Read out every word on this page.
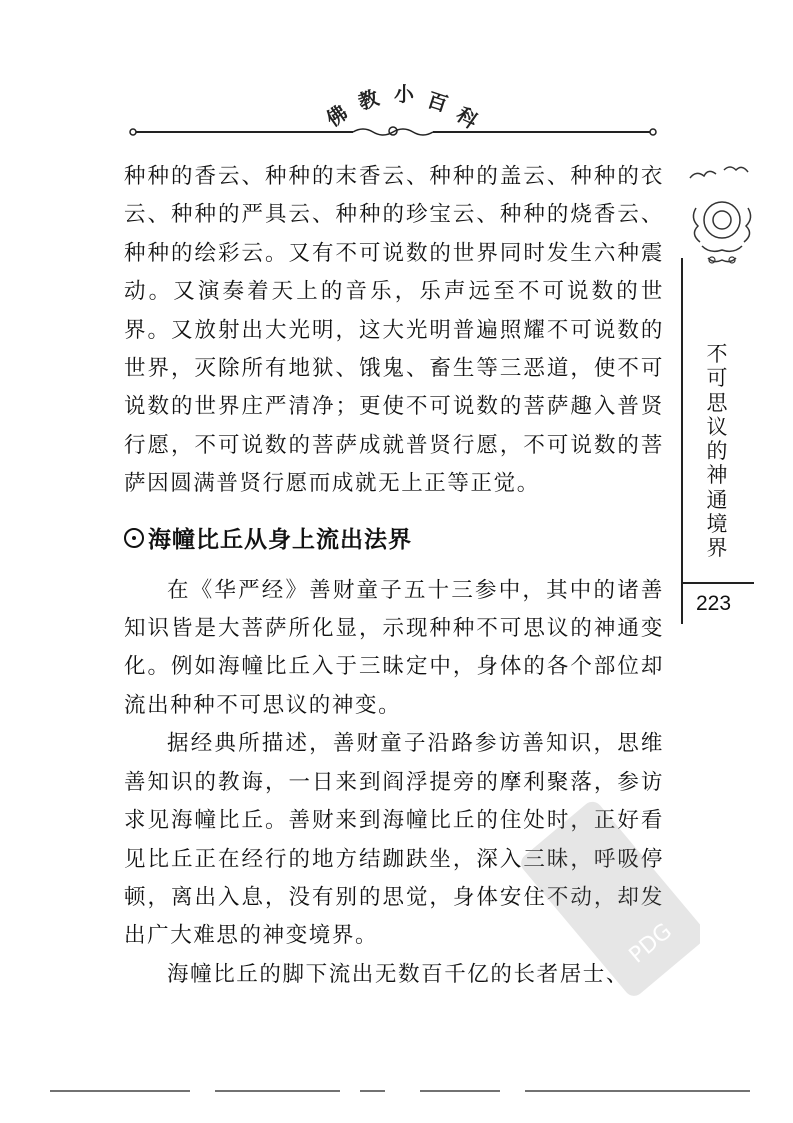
佛
教 小 百
科

种种的香云、种种的末香云、种种的盖云、种种的衣云、种种的严具云、种种的珍宝云、种种的烧香云、种种的绘彩云。又有不可说数的世界同时发生六种震动。又演奏着天上的音乐，乐声远至不可说数的世界。又放射出大光明，这大光明普遍照耀不可说数的世界，灭除所有地狱、饿鬼、畜生等三恶道，使不可说数的世界庄严清净；更使不可说数的菩萨趣入普贤行愿，不可说数的菩萨成就普贤行愿，不可说数的菩萨因圆满普贤行愿而成就无上正等正觉。

海幢比丘从身上流出法界

在《华严经》善财童子五十三参中，其中的诸善知识皆是大菩萨所化显，示现种种不可思议的神通变化。例如海幢比丘入于三昧定中，身体的各个部位却流出种种不可思议的神变。

据经典所描述，善财童子沿路参访善知识，思维善知识的教诲，一日来到阎浮提旁的摩利聚落，参访求见海幢比丘。善财来到海幢比丘的住处时，正好看见比丘正在经行的地方结跏趺坐，深入三昧，呼吸停顿，离出入息，没有别的思觉，身体安住不动，却发出广大难思的神变境界。

海幢比丘的脚下流出无数百千亿的长者居士、

不
可
思
议
的
神
通
境
界
223
PDG
